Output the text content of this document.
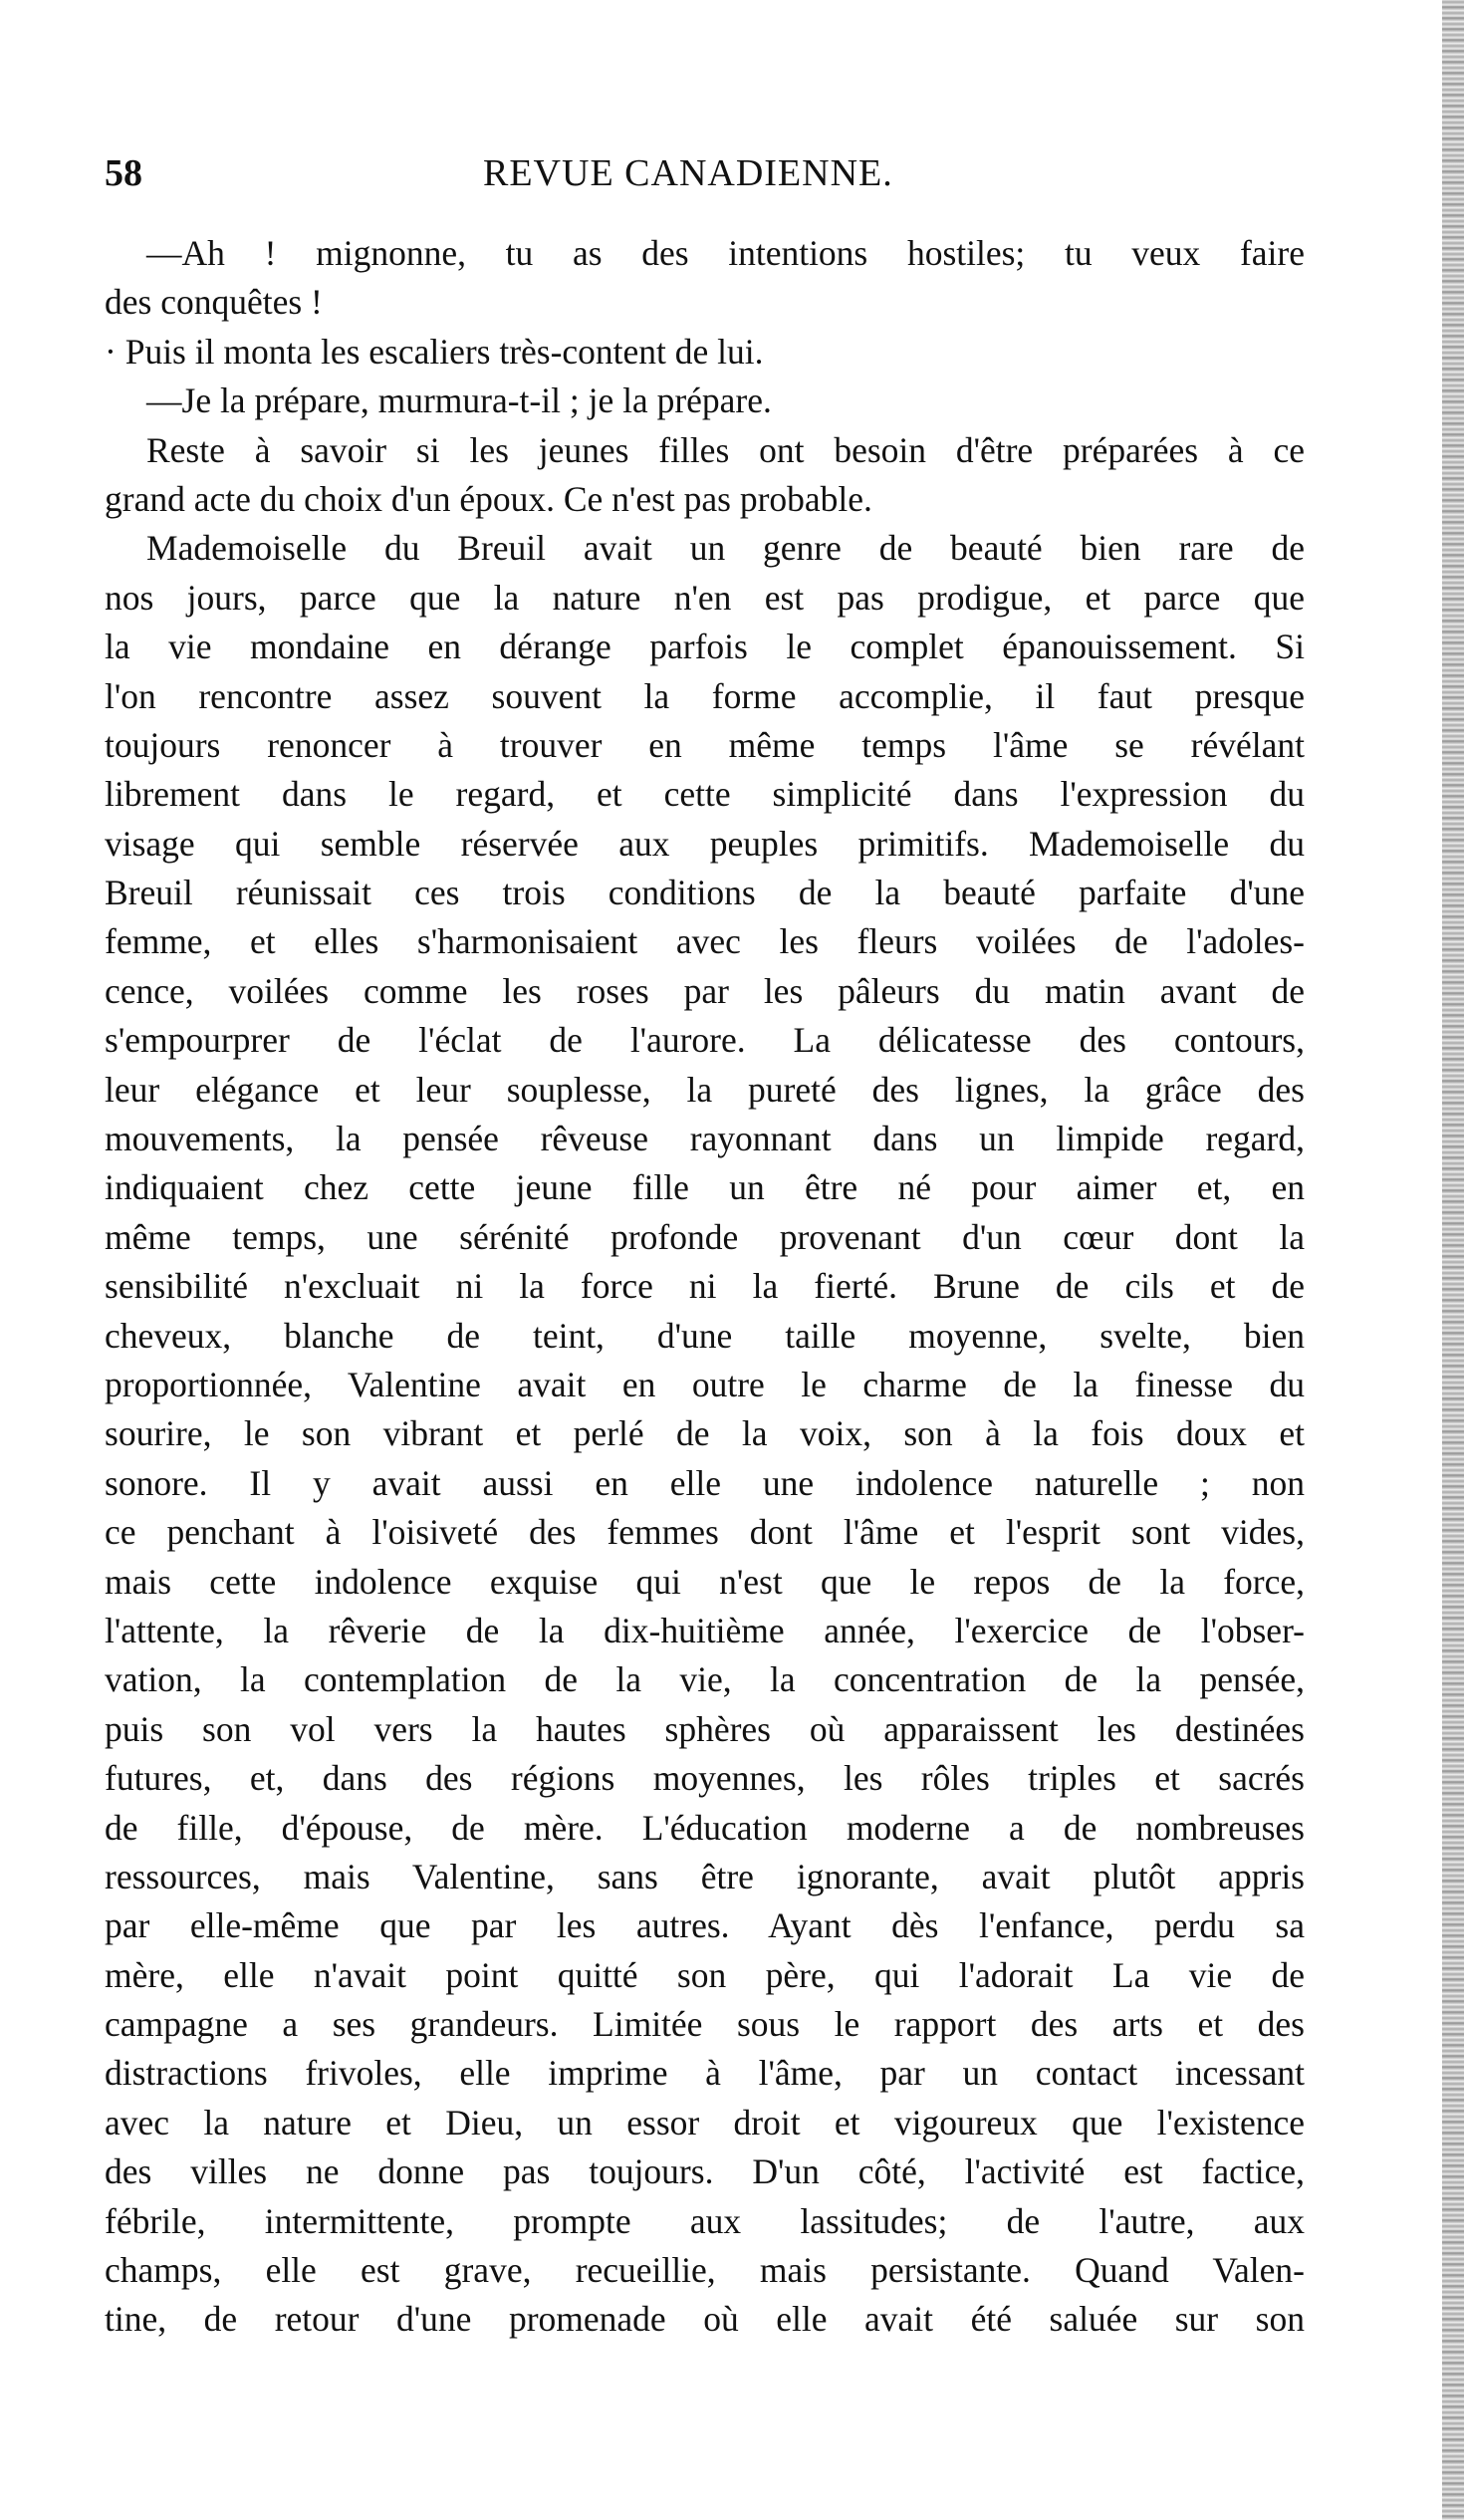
58	REVUE CANADIENNE.
—Ah ! mignonne, tu as des intentions hostiles; tu veux faire
des conquêtes !
· Puis il monta les escaliers très-content de lui.
—Je la prépare, murmura-t-il ; je la prépare.
Reste à savoir si les jeunes filles ont besoin d'être préparées à ce
grand acte du choix d'un époux. Ce n'est pas probable.
Mademoiselle du Breuil avait un genre de beauté bien rare de
nos jours, parce que la nature n'en est pas prodigue, et parce que
la vie mondaine en dérange parfois le complet épanouissement. Si
l'on rencontre assez souvent la forme accomplie, il faut presque
toujours renoncer à trouver en même temps l'âme se révélant
librement dans le regard, et cette simplicité dans l'expression du
visage qui semble réservée aux peuples primitifs. Mademoiselle du
Breuil réunissait ces trois conditions de la beauté parfaite d'une
femme, et elles s'harmonisaient avec les fleurs voilées de l'adoles-
cence, voilées comme les roses par les pâleurs du matin avant de
s'empourprer de l'éclat de l'aurore. La délicatesse des contours,
leur elégance et leur souplesse, la pureté des lignes, la grâce des
mouvements, la pensée rêveuse rayonnant dans un limpide regard,
indiquaient chez cette jeune fille un être né pour aimer et, en
même temps, une sérénité profonde provenant d'un cœur dont la
sensibilité n'excluait ni la force ni la fierté. Brune de cils et de
cheveux, blanche de teint, d'une taille moyenne, svelte, bien
proportionnée, Valentine avait en outre le charme de la finesse du
sourire, le son vibrant et perlé de la voix, son à la fois doux et
sonore. Il y avait aussi en elle une indolence naturelle ; non
ce penchant à l'oisiveté des femmes dont l'âme et l'esprit sont vides,
mais cette indolence exquise qui n'est que le repos de la force,
l'attente, la rêverie de la dix-huitième année, l'exercice de l'obser-
vation, la contemplation de la vie, la concentration de la pensée,
puis son vol vers la hautes sphères où apparaissent les destinées
futures, et, dans des régions moyennes, les rôles triples et sacrés
de fille, d'épouse, de mère. L'éducation moderne a de nombreuses
ressources, mais Valentine, sans être ignorante, avait plutôt appris
par elle-même que par les autres. Ayant dès l'enfance, perdu sa
mère, elle n'avait point quitté son père, qui l'adorait La vie de
campagne a ses grandeurs. Limitée sous le rapport des arts et des
distractions frivoles, elle imprime à l'âme, par un contact incessant
avec la nature et Dieu, un essor droit et vigoureux que l'existence
des villes ne donne pas toujours. D'un côté, l'activité est factice,
fébrile, intermittente, prompte aux lassitudes; de l'autre, aux
champs, elle est grave, recueillie, mais persistante. Quand Valen-
tine, de retour d'une promenade où elle avait été saluée sur son
